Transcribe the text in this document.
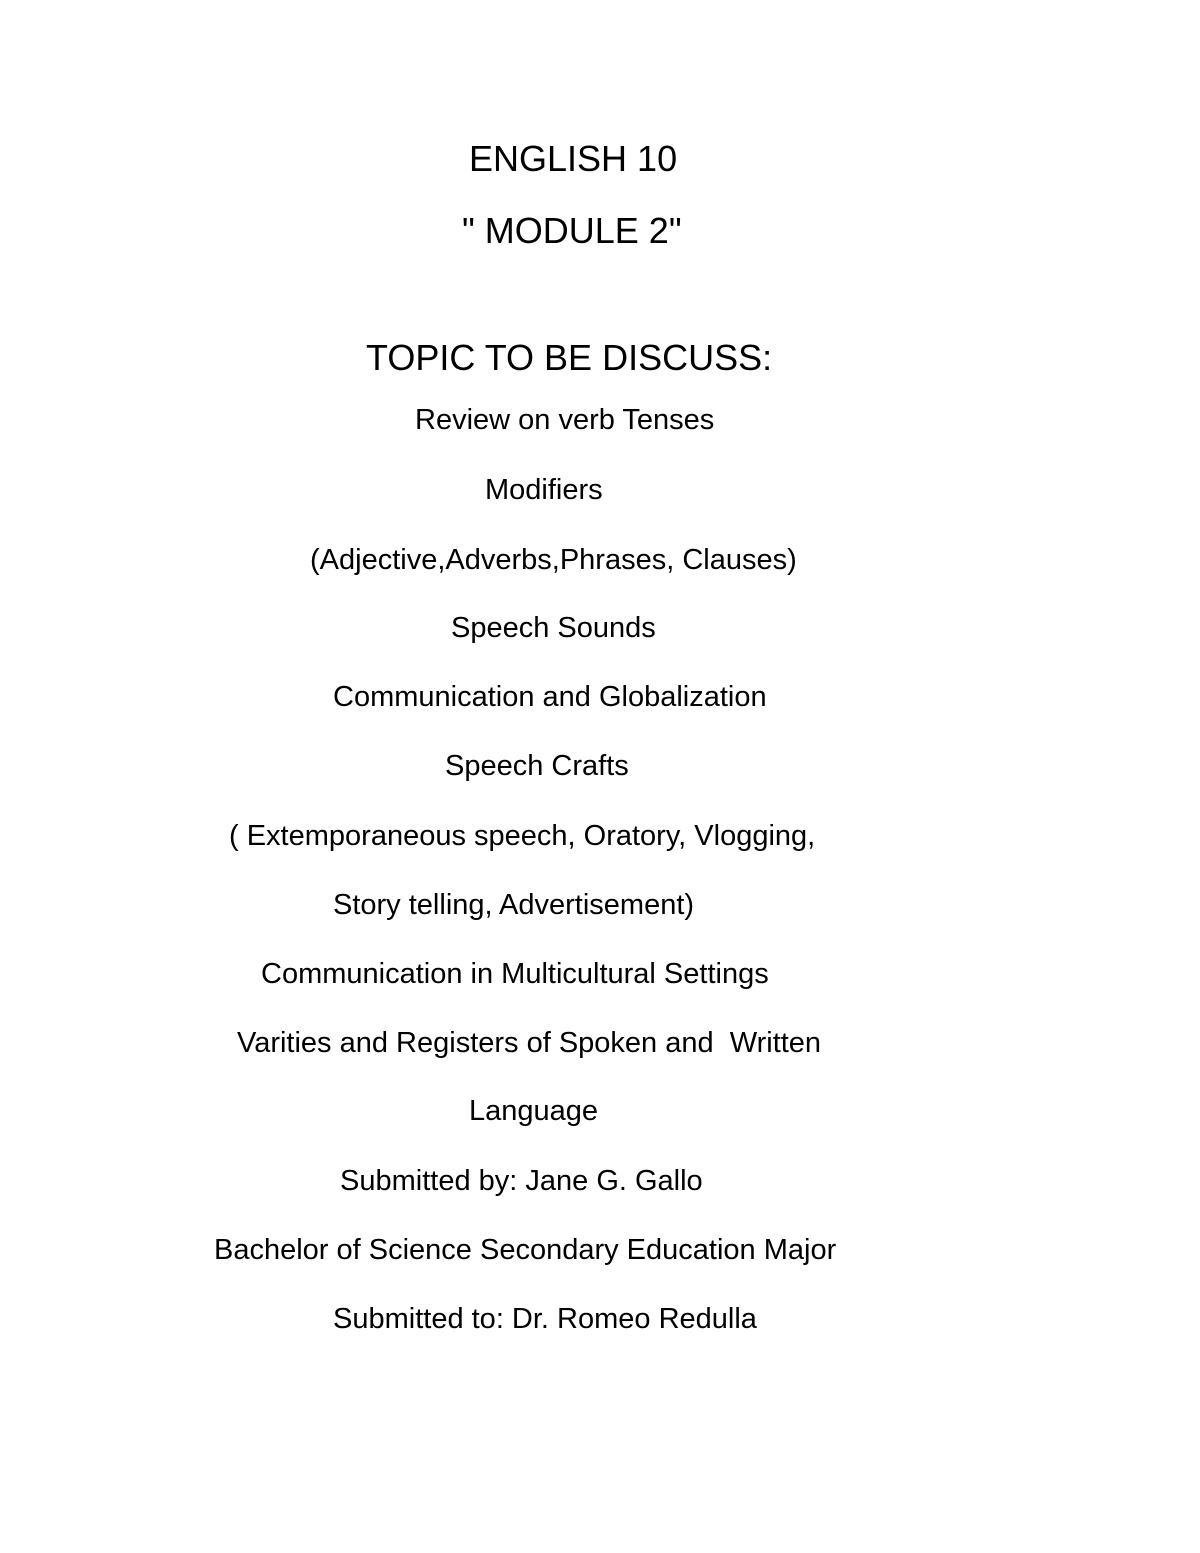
ENGLISH 10
" MODULE 2"
TOPIC TO BE DISCUSS:
Review on verb Tenses
Modifiers
(Adjective,Adverbs,Phrases, Clauses)
Speech Sounds
Communication and Globalization
Speech Crafts
( Extemporaneous speech, Oratory, Vlogging,
Story telling, Advertisement)
Communication in Multicultural Settings
Varities and Registers of Spoken and  Written
Language
Submitted by: Jane G. Gallo
Bachelor of Science Secondary Education Major
Submitted to: Dr. Romeo Redulla
